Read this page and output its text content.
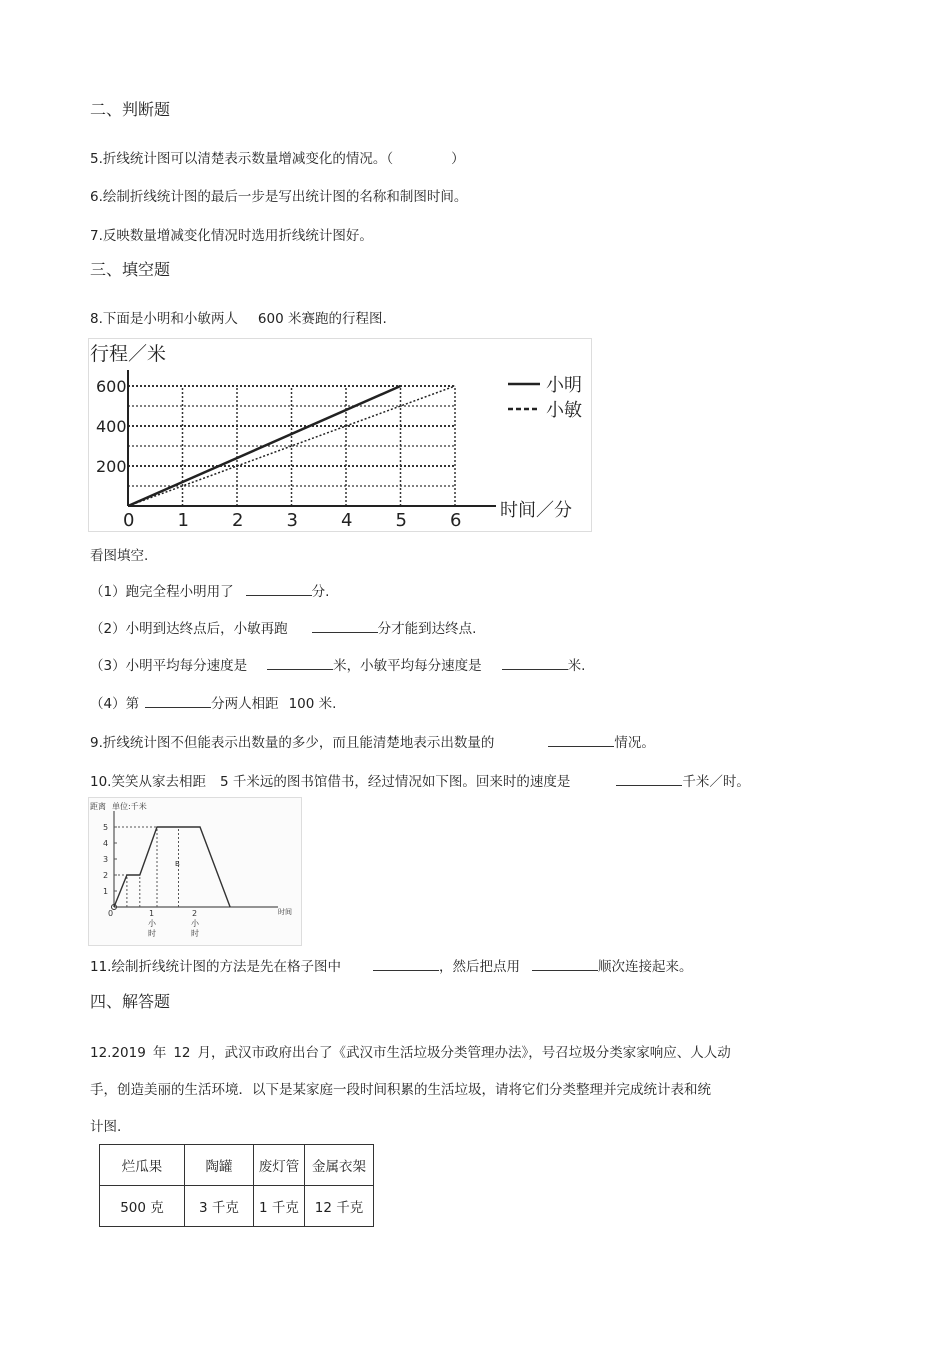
二、判断题
5.折线统计图可以清楚表示数量增减变化的情况。（	）
6.绘制折线统计图的最后一步是写出统计图的名称和制图时间。
7.反映数量增减变化情况时选用折线统计图好。
三、填空题
8.下面是小明和小敏两人 600 米赛跑的行程图.
行程／米
200
400
600
0 1 2 3 4 5 6 时间／分
小明
小敏
看图填空.
（1）跑完全程小明用了	分.
（2）小明到达终点后，小敏再跑	分才能到达终点.
（3）小明平均每分速度是	米，小敏平均每分速度是	米.
（4）第	分两人相距 100 米.
9.折线统计图不但能表示出数量的多少，而且能清楚地表示出数量的	情况。
10.笑笑从家去相距 5 千米远的图书馆借书，经过情况如下图。回来时的速度是	千米／时。
距离 单位:千米
1
2
3
4
5
0	1
小
时
2
小
时
时间
B
11.绘制折线统计图的方法是先在格子图中	，然后把点用	顺次连接起来。
四、解答题
12.2019 年 12 月，武汉市政府出台了《武汉市生活垃圾分类管理办法》，号召垃圾分类家家响应、人人动
手，创造美丽的生活环境．以下是某家庭一段时间积累的生活垃圾，请将它们分类整理并完成统计表和统
计图.
烂瓜果	陶罐	废灯管	金属衣架
500 克	3 千克	1 千克	12 千克
